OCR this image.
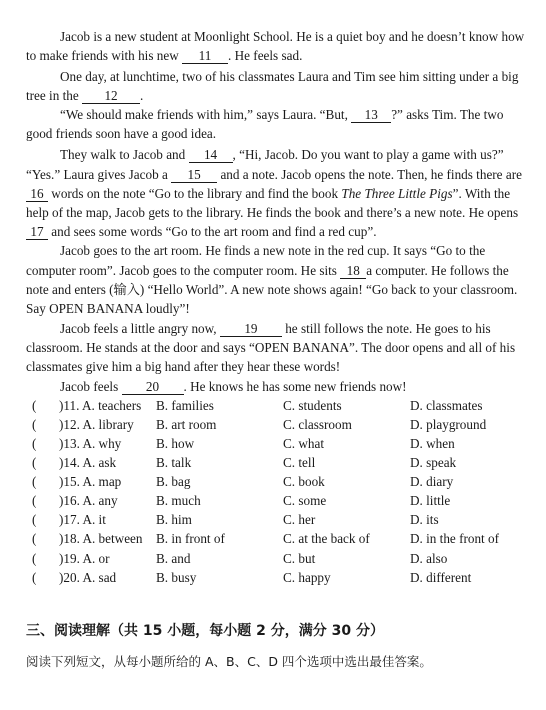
Jacob is a new student at Moonlight School. He is a quiet boy and he doesn’t know how
to make friends with his new 11 . He feels sad.
One day, at lunchtime, two of his classmates Laura and Tim see him sitting under a big
tree in the 12 .
“We should make friends with him,” says Laura. “But, 13 ?” asks Tim. The two
good friends soon have a good idea.
They walk to Jacob and 14 , “Hi, Jacob. Do you want to play a game with us?”
“Yes.” Laura gives Jacob a 15 and a note. Jacob opens the note. Then, he finds there are
16 words on the note “Go to the library and find the book The Three Little Pigs”. With the
help of the map, Jacob gets to the library. He finds the book and there’s a new note. He opens
17 and sees some words “Go to the art room and find a red cup”.
Jacob goes to the art room. He finds a new note in the red cup. It says “Go to the
computer room”. Jacob goes to the computer room. He sits 18 a computer. He follows the
note and enters (输入) “Hello World”. A new note shows again! “Go back to your classroom.
Say OPEN BANANA loudly”!
Jacob feels a little angry now, 19 he still follows the note. He goes to his
classroom. He stands at the door and says “OPEN BANANA”. The door opens and all of his
classmates give him a big hand after they hear these words!
Jacob feels 20 . He knows he has some new friends now!
( )11. A. teachers B. families	C. students	D. classmates
( )12. A. library B. art room	C. classroom	D. playground
( )13. A. why	B. how	C. what	D. when
( )14. A. ask	B. talk	C. tell	D. speak
( )15. A. map	B. bag	C. book	D. diary
( )16. A. any	B. much	C. some	D. little
( )17. A. it	B. him	C. her	D. its
( )18. A. between B. in front of	C. at the back of	D. in the front of
( )19. A. or	B. and	C. but	D. also
( )20. A. sad	B. busy	C. happy	D. different
三、阅读理解（共 15 小题，每小题 2 分，满分 30 分）
阅读下列短文，从每小题所给的 A、B、C、D 四个选项中选出最佳答案。
